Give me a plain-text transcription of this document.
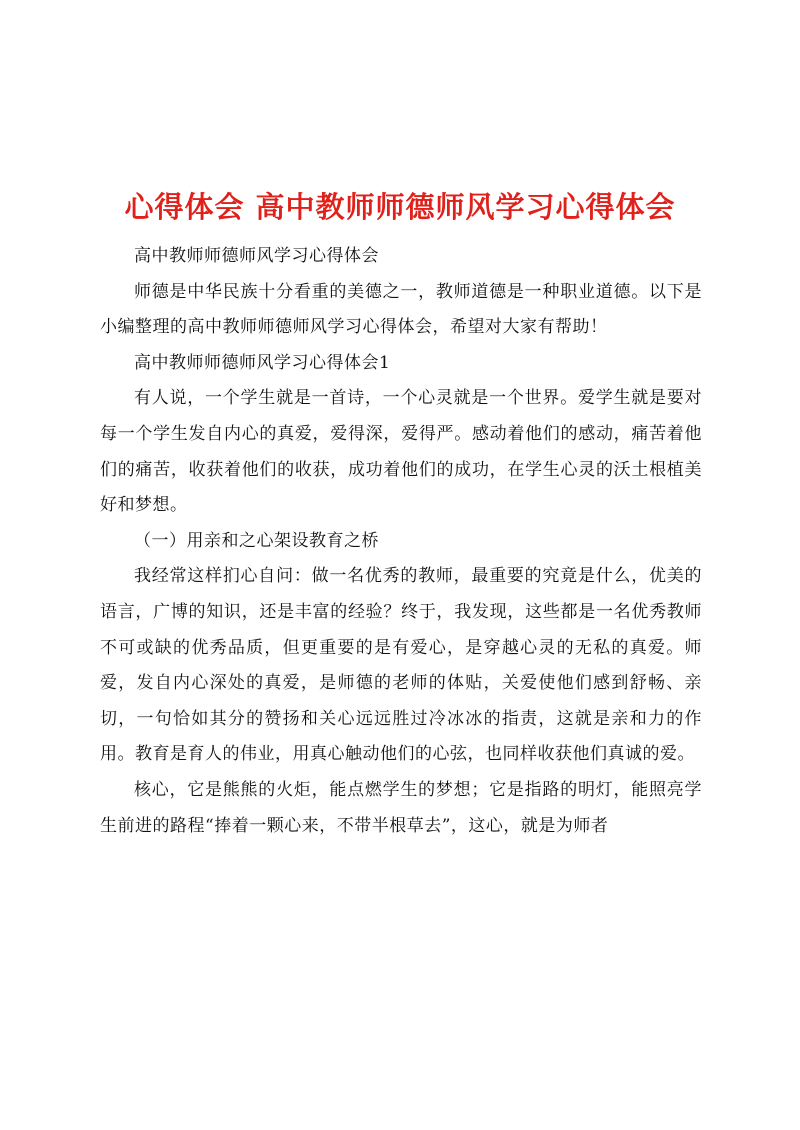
心得体会 高中教师师德师风学习心得体会

高中教师师德师风学习心得体会

师德是中华民族十分看重的美德之一，教师道德是一种职业道德。以下是小编整理的高中教师师德师风学习心得体会，希望对大家有帮助！

高中教师师德师风学习心得体会1

有人说，一个学生就是一首诗，一个心灵就是一个世界。爱学生就是要对每一个学生发自内心的真爱，爱得深，爱得严。感动着他们的感动，痛苦着他们的痛苦，收获着他们的收获，成功着他们的成功，在学生心灵的沃土根植美好和梦想。

（一）用亲和之心架设教育之桥

我经常这样扪心自问：做一名优秀的教师，最重要的究竟是什么，优美的语言，广博的知识，还是丰富的经验？终于，我发现，这些都是一名优秀教师不可或缺的优秀品质，但更重要的是有爱心，是穿越心灵的无私的真爱。师爱，发自内心深处的真爱，是师德的老师的体贴，关爱使他们感到舒畅、亲切，一句恰如其分的赞扬和关心远远胜过冷冰冰的指责，这就是亲和力的作用。教育是育人的伟业，用真心触动他们的心弦，也同样收获他们真诚的爱。

核心，它是熊熊的火炬，能点燃学生的梦想；它是指路的明灯，能照亮学生前进的路程“捧着一颗心来，不带半根草去”，这心，就是为师者
